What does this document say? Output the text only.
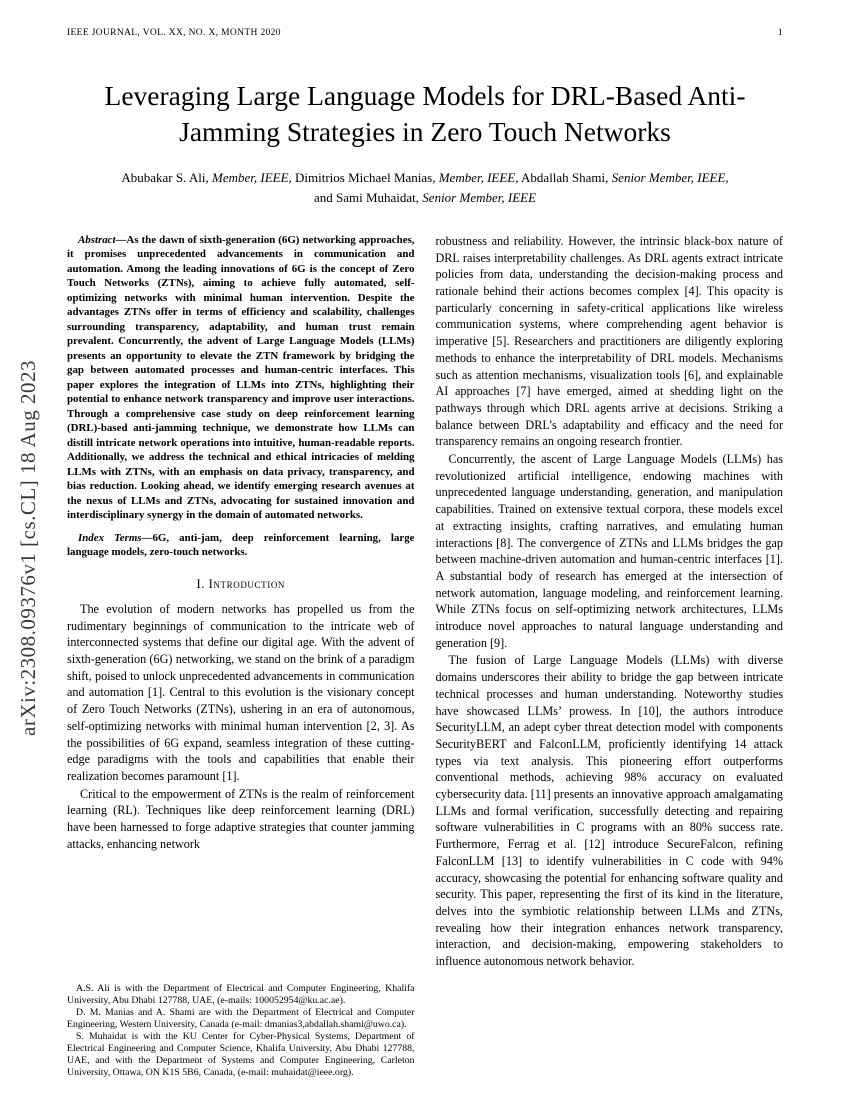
IEEE JOURNAL, VOL. XX, NO. X, MONTH 2020	1
arXiv:2308.09376v1 [cs.CL] 18 Aug 2023
Leveraging Large Language Models for DRL-Based Anti-Jamming Strategies in Zero Touch Networks
Abubakar S. Ali, Member, IEEE, Dimitrios Michael Manias, Member, IEEE, Abdallah Shami, Senior Member, IEEE,
and Sami Muhaidat, Senior Member, IEEE

Abstract—As the dawn of sixth-generation (6G) networking approaches, it promises unprecedented advancements in communication and automation. Among the leading innovations of 6G is the concept of Zero Touch Networks (ZTNs), aiming to achieve fully automated, self-optimizing networks with minimal human intervention. Despite the advantages ZTNs offer in terms of efficiency and scalability, challenges surrounding transparency, adaptability, and human trust remain prevalent. Concurrently, the advent of Large Language Models (LLMs) presents an opportunity to elevate the ZTN framework by bridging the gap between automated processes and human-centric interfaces. This paper explores the integration of LLMs into ZTNs, highlighting their potential to enhance network transparency and improve user interactions. Through a comprehensive case study on deep reinforcement learning (DRL)-based anti-jamming technique, we demonstrate how LLMs can distill intricate network operations into intuitive, human-readable reports. Additionally, we address the technical and ethical intricacies of melding LLMs with ZTNs, with an emphasis on data privacy, transparency, and bias reduction. Looking ahead, we identify emerging research avenues at the nexus of LLMs and ZTNs, advocating for sustained innovation and interdisciplinary synergy in the domain of automated networks.

Index Terms—6G, anti-jam, deep reinforcement learning, large language models, zero-touch networks.

I. Introduction

The evolution of modern networks has propelled us from the rudimentary beginnings of communication to the intricate web of interconnected systems that define our digital age. With the advent of sixth-generation (6G) networking, we stand on the brink of a paradigm shift, poised to unlock unprecedented advancements in communication and automation [1]. Central to this evolution is the visionary concept of Zero Touch Networks (ZTNs), ushering in an era of autonomous, self-optimizing networks with minimal human intervention [2, 3]. As the possibilities of 6G expand, seamless integration of these cutting-edge paradigms with the tools and capabilities that enable their realization becomes paramount [1].

Critical to the empowerment of ZTNs is the realm of reinforcement learning (RL). Techniques like deep reinforcement learning (DRL) have been harnessed to forge adaptive strategies that counter jamming attacks, enhancing network

A.S. Ali is with the Department of Electrical and Computer Engineering, Khalifa University, Abu Dhabi 127788, UAE, (e-mails: 100052954@ku.ac.ae).

D. M. Manias and A. Shami are with the Department of Electrical and Computer Engineering, Western University, Canada (e-mail: dmanias3,abdallah.shami@uwo.ca).

S. Muhaidat is with the KU Center for Cyber-Physical Systems, Department of Electrical Engineering and Computer Science, Khalifa University, Abu Dhabi 127788, UAE, and with the Department of Systems and Computer Engineering, Carleton University, Ottawa, ON K1S 5B6, Canada, (e-mail: muhaidat@ieee.org).

robustness and reliability. However, the intrinsic black-box nature of DRL raises interpretability challenges. As DRL agents extract intricate policies from data, understanding the decision-making process and rationale behind their actions becomes complex [4]. This opacity is particularly concerning in safety-critical applications like wireless communication systems, where comprehending agent behavior is imperative [5]. Researchers and practitioners are diligently exploring methods to enhance the interpretability of DRL models. Mechanisms such as attention mechanisms, visualization tools [6], and explainable AI approaches [7] have emerged, aimed at shedding light on the pathways through which DRL agents arrive at decisions. Striking a balance between DRL’s adaptability and efficacy and the need for transparency remains an ongoing research frontier.

Concurrently, the ascent of Large Language Models (LLMs) has revolutionized artificial intelligence, endowing machines with unprecedented language understanding, generation, and manipulation capabilities. Trained on extensive textual corpora, these models excel at extracting insights, crafting narratives, and emulating human interactions [8]. The convergence of ZTNs and LLMs bridges the gap between machine-driven automation and human-centric interfaces [1]. A substantial body of research has emerged at the intersection of network automation, language modeling, and reinforcement learning. While ZTNs focus on self-optimizing network architectures, LLMs introduce novel approaches to natural language understanding and generation [9].

The fusion of Large Language Models (LLMs) with diverse domains underscores their ability to bridge the gap between intricate technical processes and human understanding. Noteworthy studies have showcased LLMs’ prowess. In [10], the authors introduce SecurityLLM, an adept cyber threat detection model with components SecurityBERT and FalconLLM, proficiently identifying 14 attack types via text analysis. This pioneering effort outperforms conventional methods, achieving 98% accuracy on evaluated cybersecurity data. [11] presents an innovative approach amalgamating LLMs and formal verification, successfully detecting and repairing software vulnerabilities in C programs with an 80% success rate. Furthermore, Ferrag et al. [12] introduce SecureFalcon, refining FalconLLM [13] to identify vulnerabilities in C code with 94% accuracy, showcasing the potential for enhancing software quality and security. This paper, representing the first of its kind in the literature, delves into the symbiotic relationship between LLMs and ZTNs, revealing how their integration enhances network transparency, interaction, and decision-making, empowering stakeholders to influence autonomous network behavior.
